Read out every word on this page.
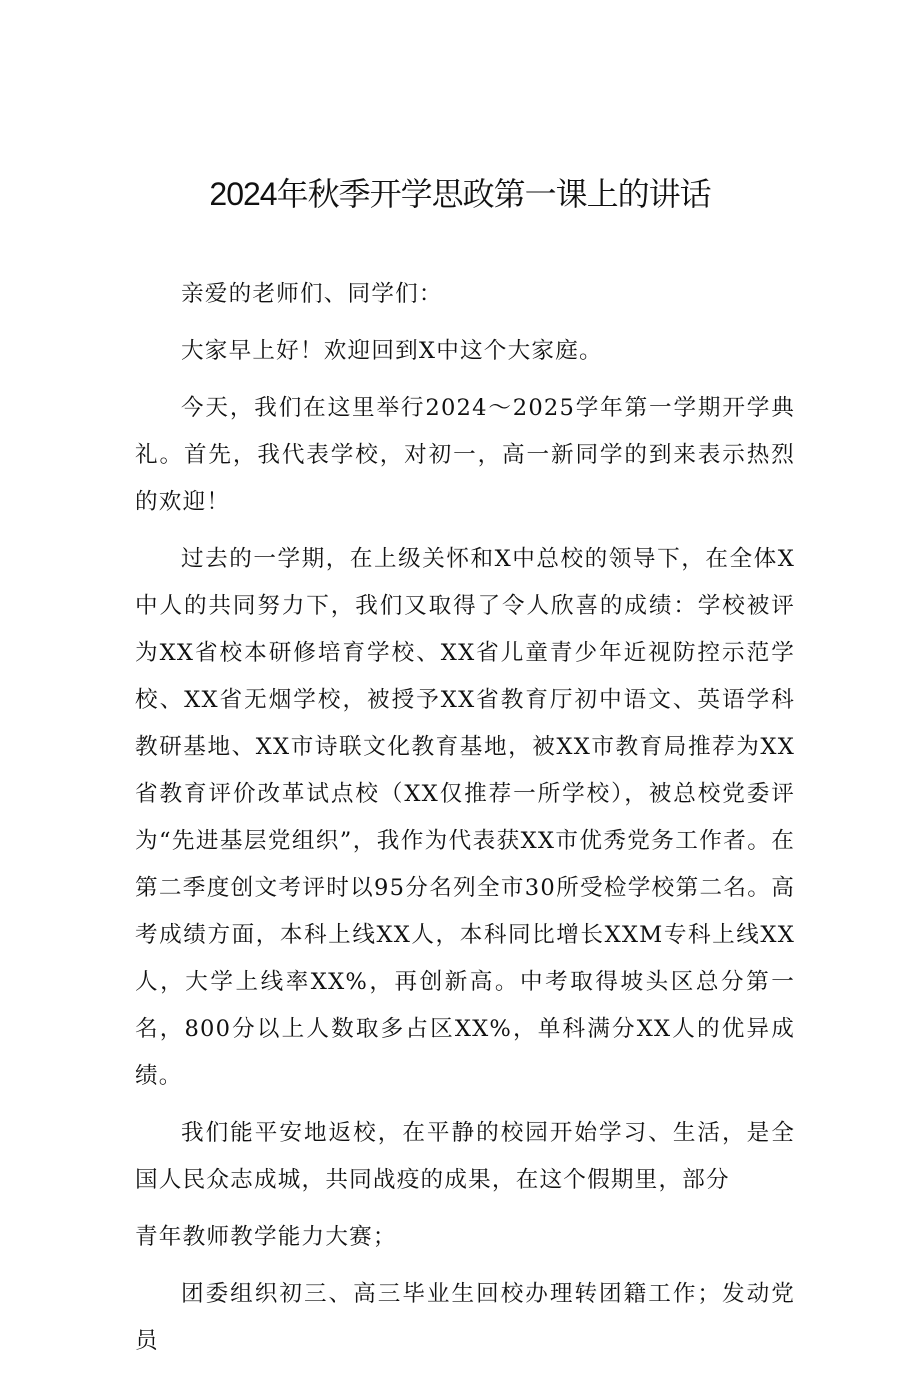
2024年秋季开学思政第一课上的讲话

亲爱的老师们、同学们：

大家早上好！欢迎回到X中这个大家庭。

今天，我们在这里举行2024～2025学年第一学期开学典礼。首先，我代表学校，对初一，高一新同学的到来表示热烈的欢迎！

过去的一学期，在上级关怀和X中总校的领导下，在全体X中人的共同努力下，我们又取得了令人欣喜的成绩：学校被评为XX省校本研修培育学校、XX省儿童青少年近视防控示范学校、XX省无烟学校，被授予XX省教育厅初中语文、英语学科教研基地、XX市诗联文化教育基地，被XX市教育局推荐为XX省教育评价改革试点校（XX仅推荐一所学校），被总校党委评为“先进基层党组织”，我作为代表获XX市优秀党务工作者。在第二季度创文考评时以95分名列全市30所受检学校第二名。高考成绩方面，本科上线XX人，本科同比增长XXM专科上线XX人，大学上线率XX%，再创新高。中考取得坡头区总分第一名，800分以上人数取多占区XX%，单科满分XX人的优异成绩。

我们能平安地返校，在平静的校园开始学习、生活，是全国人民众志成城，共同战疫的成果，在这个假期里，部分

青年教师教学能力大赛；

团委组织初三、高三毕业生回校办理转团籍工作；发动党员
